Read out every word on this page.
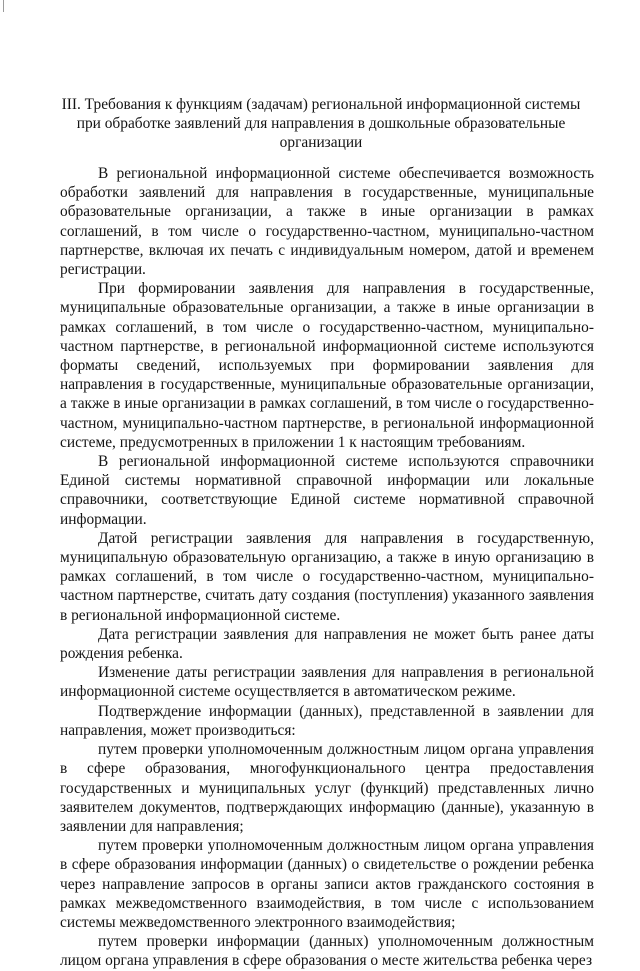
III. Требования к функциям (задачам) региональной информационной системы при обработке заявлений для направления в дошкольные образовательные организации

В региональной информационной системе обеспечивается возможность обработки заявлений для направления в государственные, муниципальные образовательные организации, а также в иные организации в рамках соглашений, в том числе о государственно-частном, муниципально-частном партнерстве, включая их печать с индивидуальным номером, датой и временем регистрации.

При формировании заявления для направления в государственные, муниципальные образовательные организации, а также в иные организации в рамках соглашений, в том числе о государственно-частном, муниципально-частном партнерстве, в региональной информационной системе используются форматы сведений, используемых при формировании заявления для направления в государственные, муниципальные образовательные организации, а также в иные организации в рамках соглашений, в том числе о государственно-частном, муниципально-частном партнерстве, в региональной информационной системе, предусмотренных в приложении 1 к настоящим требованиям.

В региональной информационной системе используются справочники Единой системы нормативной справочной информации или локальные справочники, соответствующие Единой системе нормативной справочной информации.

Датой регистрации заявления для направления в государственную, муниципальную образовательную организацию, а также в иную организацию в рамках соглашений, в том числе о государственно-частном, муниципально-частном партнерстве, считать дату создания (поступления) указанного заявления в региональной информационной системе.

Дата регистрации заявления для направления не может быть ранее даты рождения ребенка.

Изменение даты регистрации заявления для направления в региональной информационной системе осуществляется в автоматическом режиме.

Подтверждение информации (данных), представленной в заявлении для направления, может производиться:

путем проверки уполномоченным должностным лицом органа управления в сфере образования, многофункционального центра предоставления государственных и муниципальных услуг (функций) представленных лично заявителем документов, подтверждающих информацию (данные), указанную в заявлении для направления;

путем проверки уполномоченным должностным лицом органа управления в сфере образования информации (данных) о свидетельстве о рождении ребенка через направление запросов в органы записи актов гражданского состояния в рамках межведомственного взаимодействия, в том числе с использованием системы межведомственного электронного взаимодействия;

путем проверки информации (данных) уполномоченным должностным лицом органа управления в сфере образования о месте жительства ребенка через
